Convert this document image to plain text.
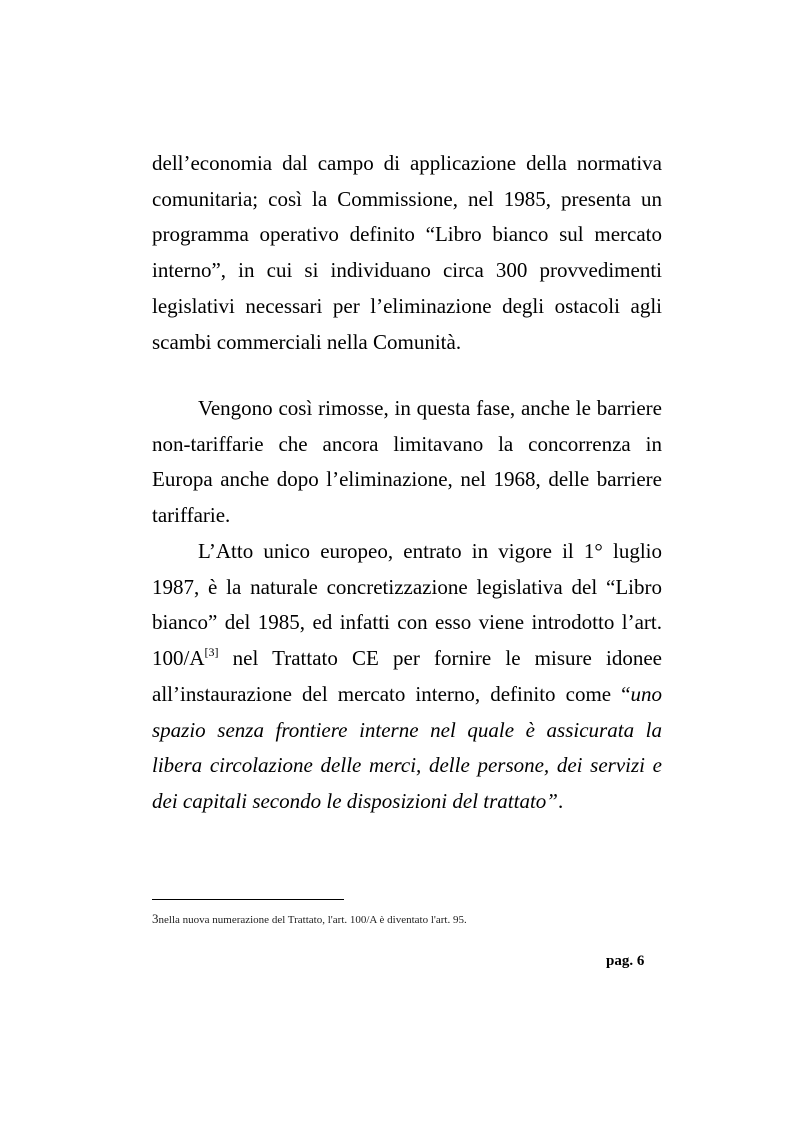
dell’economia dal campo di applicazione della normativa comunitaria; così la Commissione, nel 1985, presenta un programma operativo definito “Libro bianco sul mercato interno”, in cui si individuano circa 300 provvedimenti legislativi necessari per l’eliminazione degli ostacoli agli scambi commerciali nella Comunità.
Vengono così rimosse, in questa fase, anche le barriere non-tariffarie che ancora limitavano la concorrenza in Europa anche dopo l’eliminazione, nel 1968, delle barriere tariffarie.
L’Atto unico europeo, entrato in vigore il 1° luglio 1987, è la naturale concretizzazione legislativa del “Libro bianco” del 1985, ed infatti con esso viene introdotto l’art. 100/A[3] nel Trattato CE per fornire le misure idonee all’instaurazione del mercato interno, definito come “uno spazio senza frontiere interne nel quale è assicurata la libera circolazione delle merci, delle persone, dei servizi e dei capitali secondo le disposizioni del trattato”.
3nella nuova numerazione del Trattato, l'art. 100/A è diventato l'art. 95.
pag. 6
